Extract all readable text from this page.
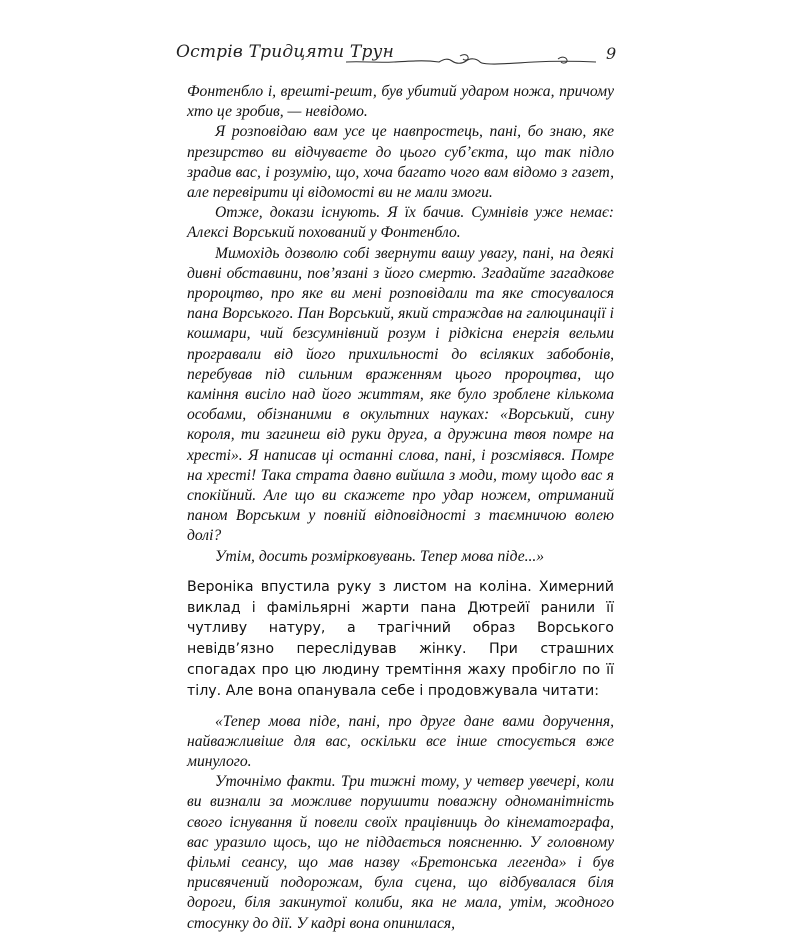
Острів Тридцяти Трун	9

Фонтенбло і, врешті-решт, був убитий ударом ножа, причому хто це зробив, — невідомо.

Я розповідаю вам усе це навпростець, пані, бо знаю, яке презирство ви відчуваєте до цього суб’єкта, що так підло зрадив вас, і розумію, що, хоча багато чого вам відомо з газет, але перевірити ці відомості ви не мали змоги.

Отже, докази існують. Я їх бачив. Сумнівів уже немає: Алексі Ворський похований у Фонтенбло.

Мимохідь дозволю собі звернути вашу увагу, пані, на деякі дивні обставини, пов’язані з його смертю. Згадайте загадкове пророцтво, про яке ви мені розповідали та яке стосувалося пана Ворського. Пан Ворський, який страждав на галюцинації і кошмари, чий безсумнівний розум і рідкісна енергія вельми програвали від його прихильності до всіляких забобонів, перебував під сильним враженням цього пророцтва, що каміння висіло над його життям, яке було зроблене кількома особами, обізнаними в окультних науках: «Ворський, сину короля, ти загинеш від руки друга, а дружина твоя помре на хресті». Я написав ці останні слова, пані, і розсміявся. Помре на хресті! Така страта давно вийшла з моди, тому щодо вас я спокійний. Але що ви скажете про удар ножем, отриманий паном Ворським у повній відповідності з таємничою волею долі?

Утім, досить розмірковувань. Тепер мова піде...»

Вероніка впустила руку з листом на коліна. Химерний виклад і фамільярні жарти пана Дютрейї ранили її чутливу натуру, а трагічний образ Ворського невідв’язно переслідував жінку. При страшних спогадах про цю людину тремтіння жаху пробігло по її тілу. Але вона опанувала себе і продовжувала читати:

«Тепер мова піде, пані, про друге дане вами доручення, найважливіше для вас, оскільки все інше стосується вже минулого.

Уточнімо факти. Три тижні тому, у четвер увечері, коли ви визнали за можливе порушити поважну одноманітність свого існування й повели своїх працівниць до кінематографа, вас уразило щось, що не піддається поясненню. У головному фільмі сеансу, що мав назву «Бретонська легенда» і був присвячений подорожам, була сцена, що відбувалася біля дороги, біля закинутої колиби, яка не мала, утім, жодного стосунку до дії. У кадрі вона опинилася,
